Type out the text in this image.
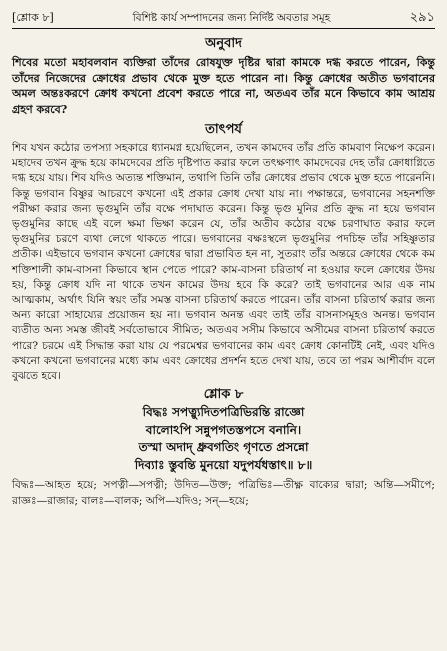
[শ্লোক ৮]	বিশিষ্ট কার্য সম্পাদনের জন্য নির্দিষ্ট অবতার সমূহ	২৯১
অনুবাদ
শিবের মতো মহাবলবান ব্যক্তিরা তাঁদের রোষযুক্ত দৃষ্টির দ্বারা কামকে দগ্ধ করতে পারেন, কিন্তু তাঁদের নিজেদের ক্রোধের প্রভাব থেকে মুক্ত হতে পারেন না। কিন্তু ক্রোধের অতীত ভগবানের অমল অন্তঃকরণে ক্রোধ কখনো প্রবেশ করতে পারে না, অতএব তাঁর মনে কিভাবে কাম আশ্রয় গ্রহণ করবে?
তাৎপর্য

শিব যখন কঠোর তপস্যা সহকারে ধ্যানমগ্ন হয়েছিলেন, তখন কামদেব তাঁর প্রতি কামবাণ নিক্ষেপ করেন। মহাদেব তখন ক্রুদ্ধ হয়ে কামদেবের প্রতি দৃষ্টিপাত করার ফলে তৎক্ষণাৎ কামদেবের দেহ তাঁর ক্রোধাগ্নিতে দগ্ধ হয়ে যায়। শিব যদিও অত্যন্ত শক্তিমান, তথাপি তিনি তাঁর ক্রোধের প্রভাব থেকে মুক্ত হতে পারেননি। কিন্তু ভগবান বিষ্ণুর আচরণে কখনো এই প্রকার ক্রোধ দেখা যায় না। পক্ষান্তরে, ভগবানের সহনশক্তি পরীক্ষা করার জন্য ভৃগুমুনি তাঁর বক্ষে পদাঘাত করেন। কিন্তু ভৃগু মুনির প্রতি ক্রুদ্ধ না হয়ে ভগবান ভৃগুমুনির কাছে এই বলে ক্ষমা ভিক্ষা করেন যে, তাঁর অতীব কঠোর বক্ষে চরণাঘাত করার ফলে ভৃগুমুনির চরণে ব্যথা লেগে থাকতে পারে। ভগবানের বক্ষঃস্থলে ভৃগুমুনির পদচিহ্ন তাঁর সহিষ্ণুতার প্রতীক। এইভাবে ভগবান কখনো ক্রোধের দ্বারা প্রভাবিত হন না, সুতরাং তাঁর অন্তরে ক্রোধের থেকে কম শক্তিশালী কাম-বাসনা কিভাবে স্থান পেতে পারে? কাম-বাসনা চরিতার্থ না হওয়ার ফলে ক্রোধের উদয় হয়, কিন্তু ক্রোধ যদি না থাকে তখন কামের উদয় হবে কি করে? তাই ভগবানের আর এক নাম আত্মকাম, অর্থাৎ যিনি স্বয়ং তাঁর সমস্ত বাসনা চরিতার্থ করতে পারেন। তাঁর বাসনা চরিতার্থ করার জন্য অন্য কারো সাহায্যের প্রয়োজন হয় না। ভগবান অনন্ত এবং তাই তাঁর বাসনাসমূহও অনন্ত। ভগবান ব্যতীত অন্য সমস্ত জীবই সর্বতোভাবে সীমিত; অতএব সসীম কিভাবে অসীমের বাসনা চরিতার্থ করতে পারে? চরমে এই সিদ্ধান্ত করা যায় যে পরমেশ্বর ভগবানের কাম এবং ক্রোধ কোনটিই নেই, এবং যদিও কখনো কখনো ভগবানের মধ্যে কাম এবং ক্রোধের প্রদর্শন হতে দেখা যায়, তবে তা পরম আশীর্বাদ বলে বুঝতে হবে।

শ্লোক ৮
বিদ্ধঃ সপত্ন্যুদিতপত্রিভিরন্তি রাজ্ঞো
বালোঽপি সন্নুপগতস্তপসে বনানি।
তস্মা অদাদ্‌ ধ্রুবগতিং গৃণতে প্রসন্নো
দিব্যাঃ স্তুবন্তি মুনয়ো যদুপর্যধস্তাৎ॥ ৮॥
বিদ্ধঃ—আহত হয়ে; সপত্নী—সপত্নী; উদিত—উক্ত; পত্রিভিঃ—তীক্ষ্ণ বাক্যের দ্বারা; অন্তি—সমীপে; রাজ্ঞঃ—রাজার; বালঃ—বালক; অপি—যদিও; সন্—হয়ে;
